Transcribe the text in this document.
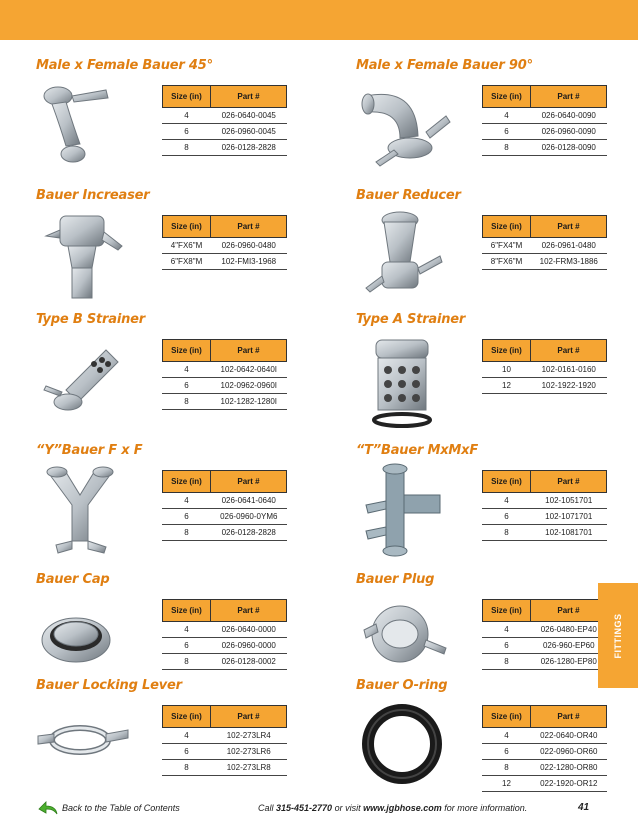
Male x Female Bauer 45°
Size (in)	Part #
4	026-0640-0045
6	026-0960-0045
8	026-0128-2828
Male x Female Bauer 90°
Size (in)	Part #
4	026-0640-0090
6	026-0960-0090
8	026-0128-0090
Bauer Increaser
Size (in)	Part #
4"FX6"M	026-0960-0480
6"FX8"M	102-FMI3-1968
Bauer Reducer
Size (in)	Part #
6"FX4"M	026-0961-0480
8"FX6"M	102-FRM3-1886
Type B Strainer
Size (in)	Part #
4	102-0642-0640I
6	102-0962-0960I
8	102-1282-1280I
Type A Strainer
Size (in)	Part #
10	102-0161-0160
12	102-1922-1920
“Y”Bauer F x F
Size (in)	Part #
4	026-0641-0640
6	026-0960-0YM6
8	026-0128-2828
“T”Bauer MxMxF
Size (in)	Part #
4	102-1051701
6	102-1071701
8	102-1081701
Bauer Cap
Size (in)	Part #
4	026-0640-0000
6	026-0960-0000
8	026-0128-0002
Bauer Plug
Size (in)	Part #
4	026-0480-EP40
6	026-960-EP60
8	026-1280-EP80
Bauer Locking Lever
Size (in)	Part #
4	102-273LR4
6	102-273LR6
8	102-273LR8
Bauer O-ring
Size (in)	Part #
4	022-0640-OR40
6	022-0960-OR60
8	022-1280-OR80
12	022-1920-OR12
FITTINGS
Back to the Table of Contents	Call 315-451-2770 or visit www.jgbhose.com for more information.	41
